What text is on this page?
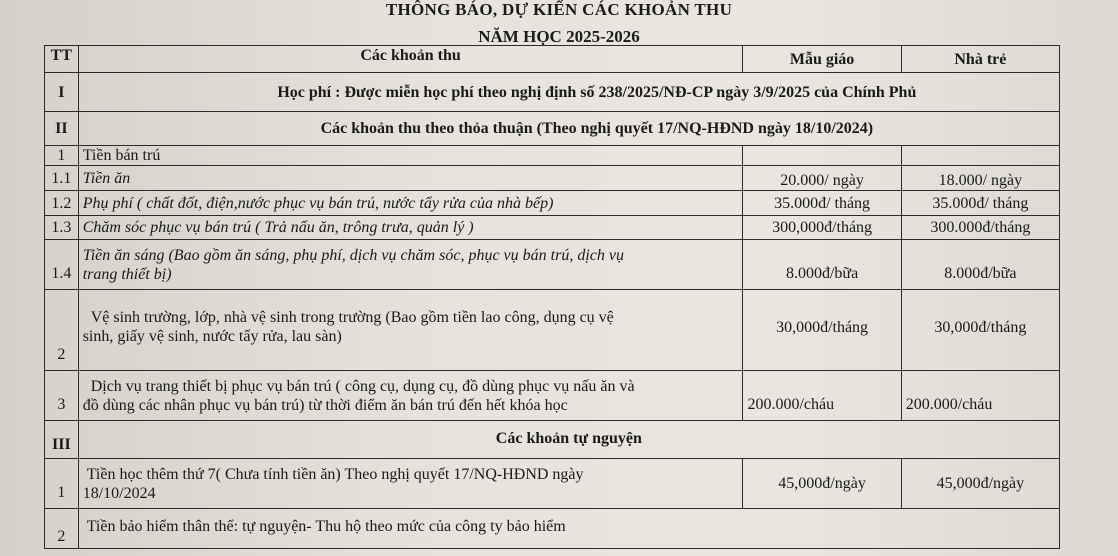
THÔNG BÁO, DỰ KIẾN CÁC KHOẢN THU
NĂM HỌC 2025-2026
TT	Các khoản thu	Mẫu giáo	Nhà trẻ
I	Học phí : Được miễn học phí theo nghị định số 238/2025/NĐ-CP ngày 3/9/2025 của Chính Phủ		
II	Các khoản thu theo thỏa thuận (Theo nghị quyết 17/NQ-HĐND ngày 18/10/2024)		
1	Tiền bán trú		
1.1	Tiền ăn	20.000/ ngày	18.000/ ngày
1.2	Phụ phí ( chất đốt, điện,nước phục vụ bán trú, nước tẩy rửa của nhà bếp)	35.000đ/ tháng	35.000đ/ tháng
1.3	Chăm sóc phục vụ bán trú ( Trả nấu ăn, trông trưa, quản lý )	300,000đ/tháng	300.000đ/tháng
1.4	Tiền ăn sáng (Bao gồm ăn sáng, phụ phí, dịch vụ chăm sóc, phục vụ bán trú, dịch vụ
trang thiết bị)	8.000đ/bữa	8.000đ/bữa
2	Vệ sinh trường, lớp, nhà vệ sinh trong trường (Bao gồm tiền lao công, dụng cụ vệ
sinh, giấy vệ sinh, nước tẩy rửa, lau sàn)	30,000đ/tháng	30,000đ/tháng
3	Dịch vụ trang thiết bị phục vụ bán trú ( công cụ, dụng cụ, đồ dùng phục vụ nấu ăn và
đồ dùng các nhân phục vụ bán trú) từ thời điểm ăn bán trú đến hết khóa học	200.000/cháu	200.000/cháu
III	Các khoản tự nguyện		
1	Tiền học thêm thứ 7( Chưa tính tiền ăn) Theo nghị quyết 17/NQ-HĐND ngày
18/10/2024	45,000đ/ngày	45,000đ/ngày
2	Tiền bảo hiểm thân thể: tự nguyện- Thu hộ theo mức của công ty bảo hiểm		
